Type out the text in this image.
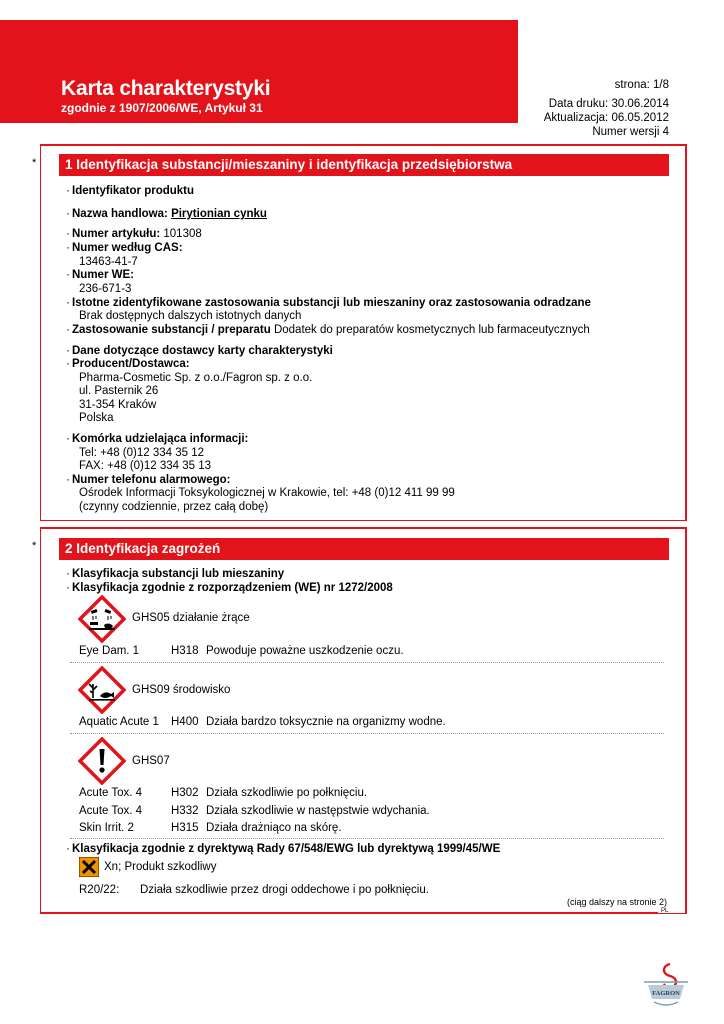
Karta charakterystyki
zgodnie z 1907/2006/WE, Artykuł 31
strona: 1/8
Data druku: 30.06.2014
Aktualizacja: 06.05.2012
Numer wersji 4
*	1 Identyfikacja substancji/mieszaniny i identyfikacja przedsiębiorstwa
· Identyfikator produktu
· Nazwa handlowa: Pirytionian cynku
· Numer artykułu: 101308
· Numer według CAS:
13463-41-7
· Numer WE:
236-671-3
· Istotne zidentyfikowane zastosowania substancji lub mieszaniny oraz zastosowania odradzane
Brak dostępnych dalszych istotnych danych
· Zastosowanie substancji / preparatu Dodatek do preparatów kosmetycznych lub farmaceutycznych
· Dane dotyczące dostawcy karty charakterystyki
· Producent/Dostawca:
Pharma-Cosmetic Sp. z o.o./Fagron sp. z o.o.
ul. Pasternik 26
31-354 Kraków
Polska
· Komórka udzielająca informacji:
Tel: +48 (0)12 334 35 12
FAX: +48 (0)12 334 35 13
· Numer telefonu alarmowego:
Ośrodek Informacji Toksykologicznej w Krakowie, tel: +48 (0)12 411 99 99
(czynny codziennie, przez całą dobę)
*	2 Identyfikacja zagrożeń
· Klasyfikacja substancji lub mieszaniny
· Klasyfikacja zgodnie z rozporządzeniem (WE) nr 1272/2008
GHS05 działanie żrące
Eye Dam. 1	H318 Powoduje poważne uszkodzenie oczu.
GHS09 środowisko
Aquatic Acute 1 H400 Działa bardzo toksycznie na organizmy wodne.
GHS07
Acute Tox. 4	H302 Działa szkodliwie po połknięciu.
Acute Tox. 4	H332 Działa szkodliwie w następstwie wdychania.
Skin Irrit. 2	H315 Działa drażniąco na skórę.
· Klasyfikacja zgodnie z dyrektywą Rady 67/548/EWG lub dyrektywą 1999/45/WE
Xn; Produkt szkodliwy
R20/22: Działa szkodliwie przez drogi oddechowe i po połknięciu.
(ciąg dalszy na stronie 2)
PL
FAGRON
